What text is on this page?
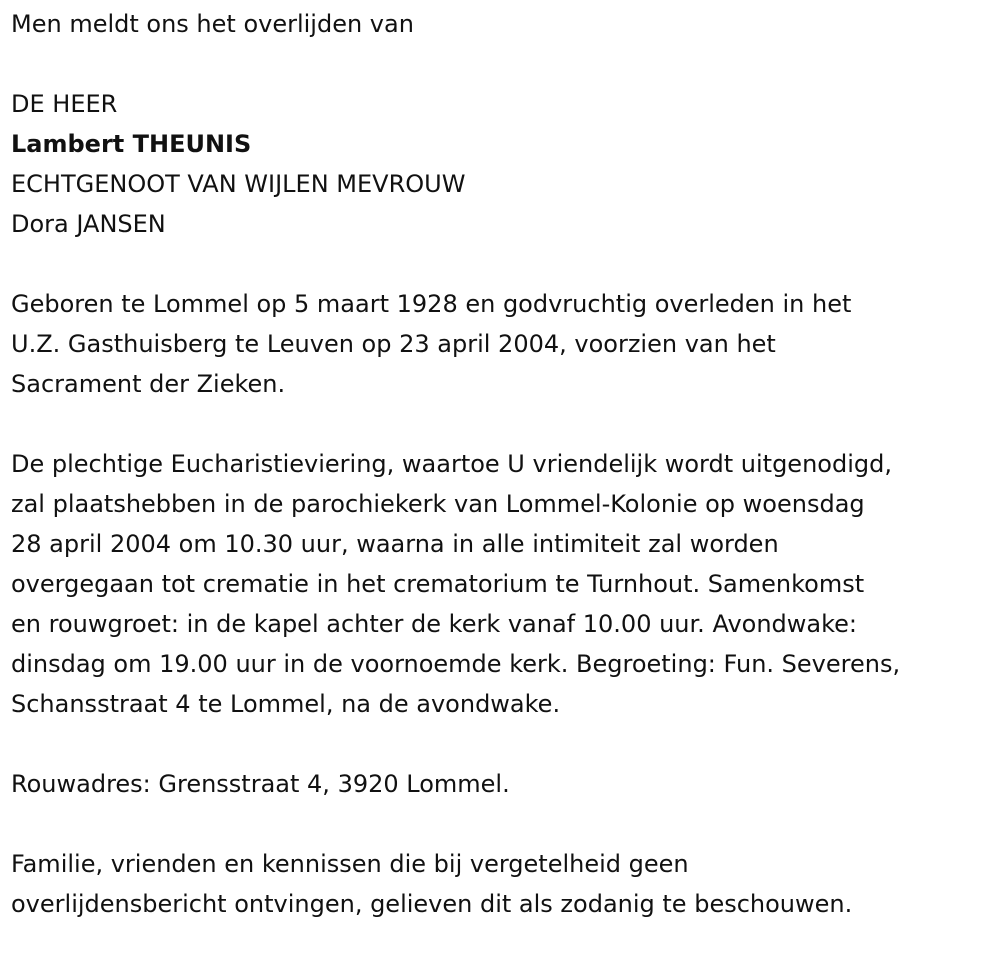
Men meldt ons het overlijden van

DE HEER

Lambert THEUNIS

ECHTGENOOT VAN WIJLEN MEVROUW

Dora JANSEN

Geboren te Lommel op 5 maart 1928 en godvruchtig overleden in het

U.Z. Gasthuisberg te Leuven op 23 april 2004, voorzien van het

Sacrament der Zieken.

De plechtige Eucharistieviering, waartoe U vriendelijk wordt uitgenodigd,

zal plaatshebben in de parochiekerk van Lommel-Kolonie op woensdag

28 april 2004 om 10.30 uur, waarna in alle intimiteit zal worden

overgegaan tot crematie in het crematorium te Turnhout. Samenkomst

en rouwgroet: in de kapel achter de kerk vanaf 10.00 uur. Avondwake:

dinsdag om 19.00 uur in de voornoemde kerk. Begroeting: Fun. Severens,

Schansstraat 4 te Lommel, na de avondwake.

Rouwadres: Grensstraat 4, 3920 Lommel.

Familie, vrienden en kennissen die bij vergetelheid geen

overlijdensbericht ontvingen, gelieven dit als zodanig te beschouwen.
